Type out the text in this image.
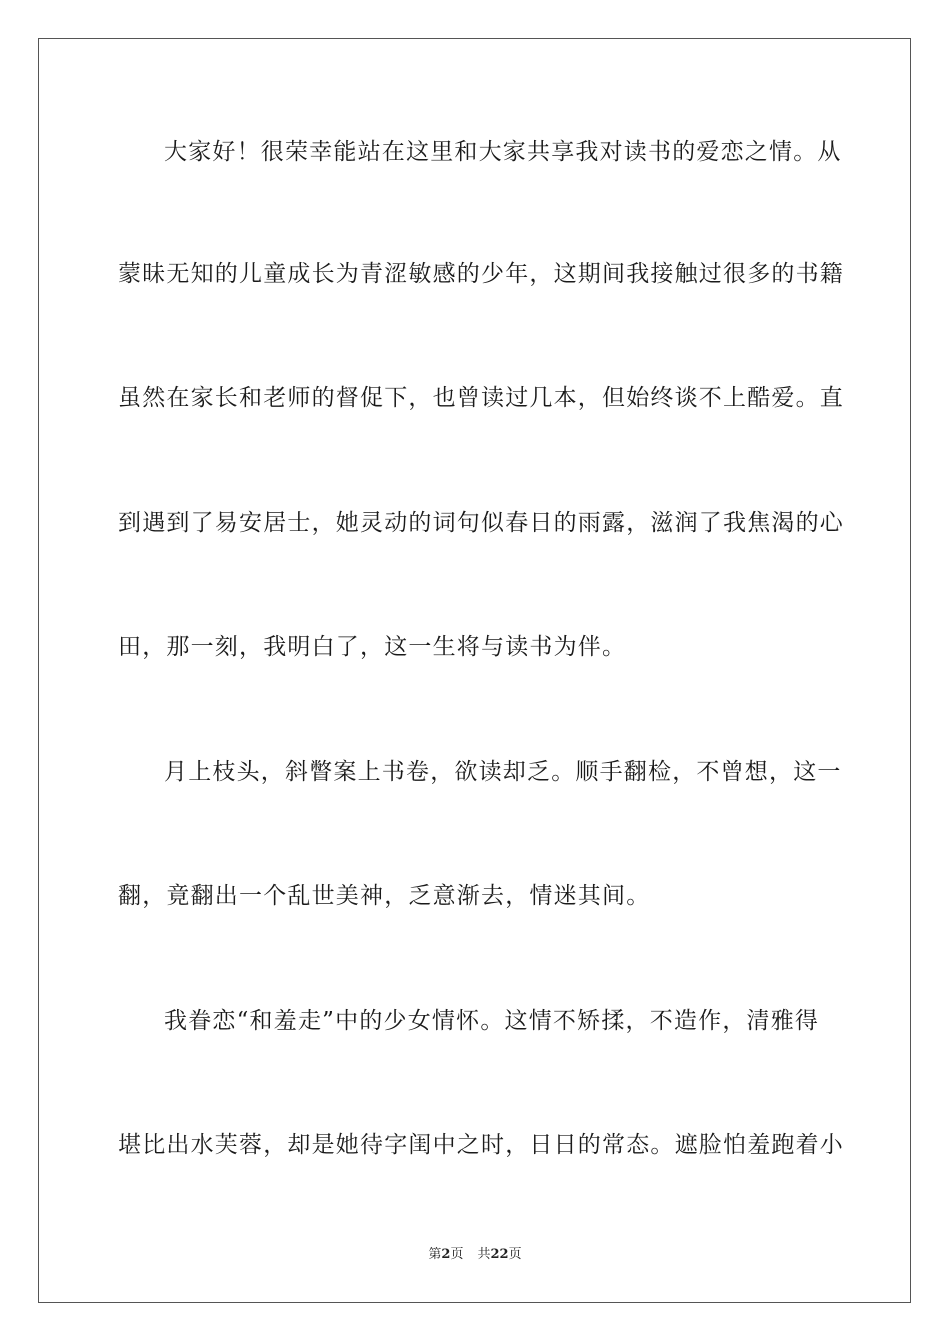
大家好！很荣幸能站在这里和大家共享我对读书的爱恋之情。从
蒙昧无知的儿童成长为青涩敏感的少年，这期间我接触过很多的书籍
虽然在家长和老师的督促下，也曾读过几本，但始终谈不上酷爱。直
到遇到了易安居士，她灵动的词句似春日的雨露，滋润了我焦渴的心
田，那一刻，我明白了，这一生将与读书为伴。
月上枝头，斜瞥案上书卷，欲读却乏。顺手翻检，不曾想，这一
翻，竟翻出一个乱世美神，乏意渐去，情迷其间。
我眷恋“和羞走”中的少女情怀。这情不矫揉，不造作，清雅得
堪比出水芙蓉，却是她待字闺中之时，日日的常态。遮脸怕羞跑着小
第2页 共22页
